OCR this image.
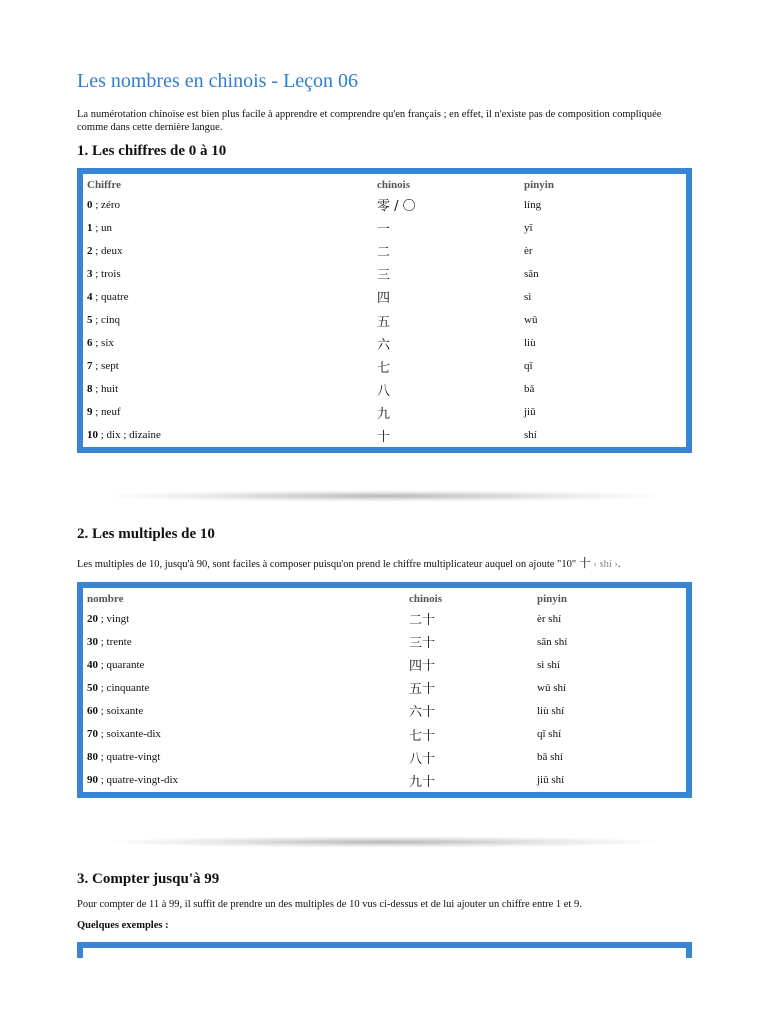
Les nombres en chinois - Leçon 06

La numérotation chinoise est bien plus facile à apprendre et comprendre qu'en français ; en effet, il n'existe pas de composition compliquée comme dans cette dernière langue.

1. Les chiffres de 0 à 10
Chiffre	chinois	pinyin
0 ; zéro	零 / 〇	líng
1 ; un	一	yī
2 ; deux	二	èr
3 ; trois	三	sān
4 ; quatre	四	sì
5 ; cinq	五	wǔ
6 ; six	六	liù
7 ; sept	七	qī
8 ; huit	八	bā
9 ; neuf	九	jiǔ
10 ; dix ; dizaine	十	shí
2. Les multiples de 10

Les multiples de 10, jusqu'à 90, sont faciles à composer puisqu'on prend le chiffre multiplicateur auquel on ajoute "10" 十 ‹ shí ›.

nombre	chinois	pinyin
20 ; vingt	二十	èr shí
30 ; trente	三十	sān shí
40 ; quarante	四十	sì shí
50 ; cinquante	五十	wǔ shí
60 ; soixante	六十	liù shí
70 ; soixante-dix	七十	qī shí
80 ; quatre-vingt	八十	bā shí
90 ; quatre-vingt-dix	九十	jiǔ shí
3. Compter jusqu'à 99

Pour compter de 11 à 99, il suffit de prendre un des multiples de 10 vus ci-dessus et de lui ajouter un chiffre entre 1 et 9.

Quelques exemples :
